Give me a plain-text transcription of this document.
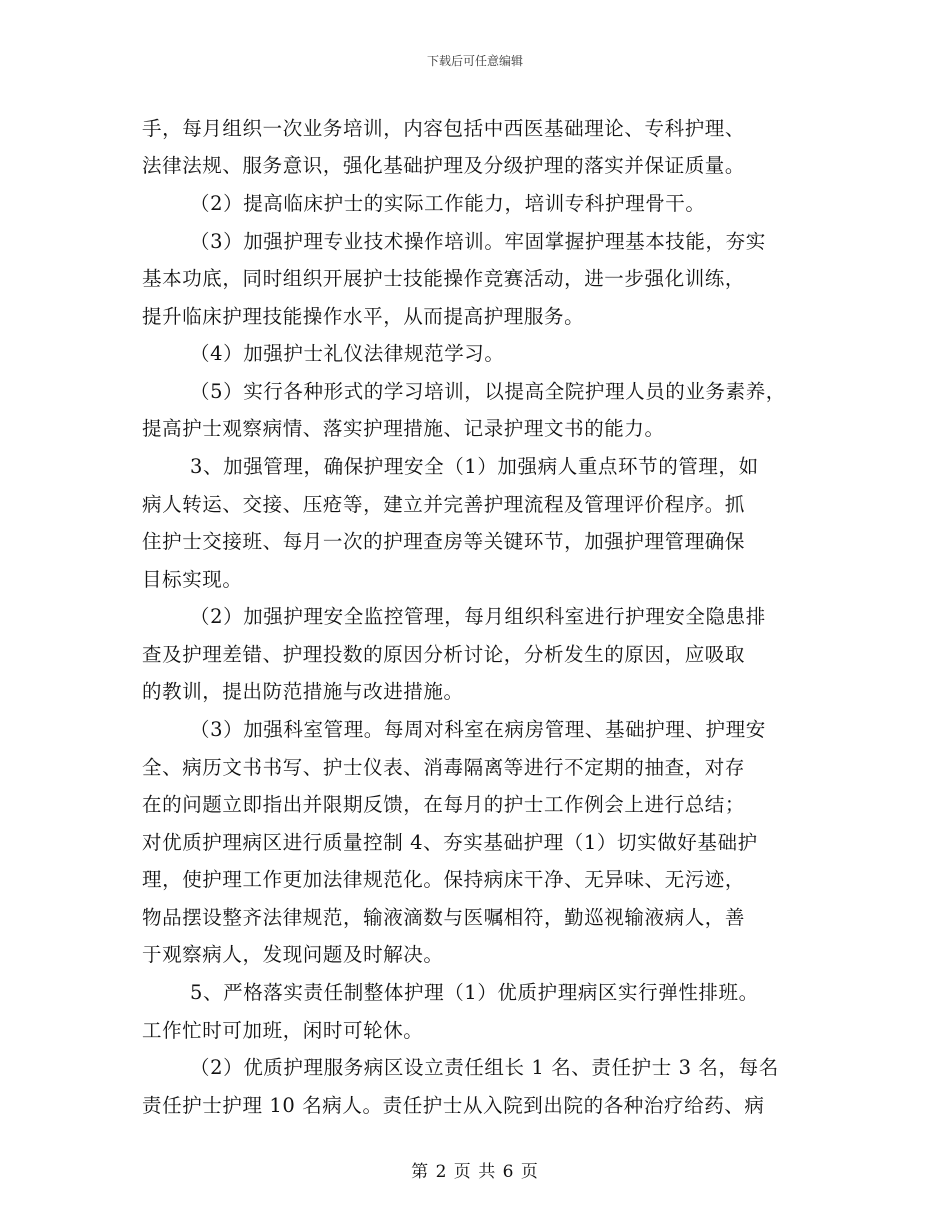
下载后可任意编辑
手，每月组织一次业务培训，内容包括中西医基础理论、专科护理、
法律法规、服务意识，强化基础护理及分级护理的落实并保证质量。
（2）提高临床护士的实际工作能力，培训专科护理骨干。
（3）加强护理专业技术操作培训。牢固掌握护理基本技能，夯实
基本功底，同时组织开展护士技能操作竞赛活动，进一步强化训练，
提升临床护理技能操作水平，从而提高护理服务。
（4）加强护士礼仪法律规范学习。
（5）实行各种形式的学习培训，以提高全院护理人员的业务素养，
提高护士观察病情、落实护理措施、记录护理文书的能力。
3、加强管理，确保护理安全（1）加强病人重点环节的管理，如
病人转运、交接、压疮等，建立并完善护理流程及管理评价程序。抓
住护士交接班、每月一次的护理查房等关键环节，加强护理管理确保
目标实现。
（2）加强护理安全监控管理，每月组织科室进行护理安全隐患排
查及护理差错、护理投数的原因分析讨论，分析发生的原因，应吸取
的教训，提出防范措施与改进措施。
（3）加强科室管理。每周对科室在病房管理、基础护理、护理安
全、病历文书书写、护士仪表、消毒隔离等进行不定期的抽查，对存
在的问题立即指出并限期反馈，在每月的护士工作例会上进行总结；
对优质护理病区进行质量控制 4、夯实基础护理（1）切实做好基础护
理，使护理工作更加法律规范化。保持病床干净、无异味、无污迹，
物品摆设整齐法律规范，输液滴数与医嘱相符，勤巡视输液病人，善
于观察病人，发现问题及时解决。
5、严格落实责任制整体护理（1）优质护理病区实行弹性排班。
工作忙时可加班，闲时可轮休。
（2）优质护理服务病区设立责任组长 1 名、责任护士 3 名，每名
责任护士护理 10 名病人。责任护士从入院到出院的各种治疗给药、病
第 2 页 共 6 页
